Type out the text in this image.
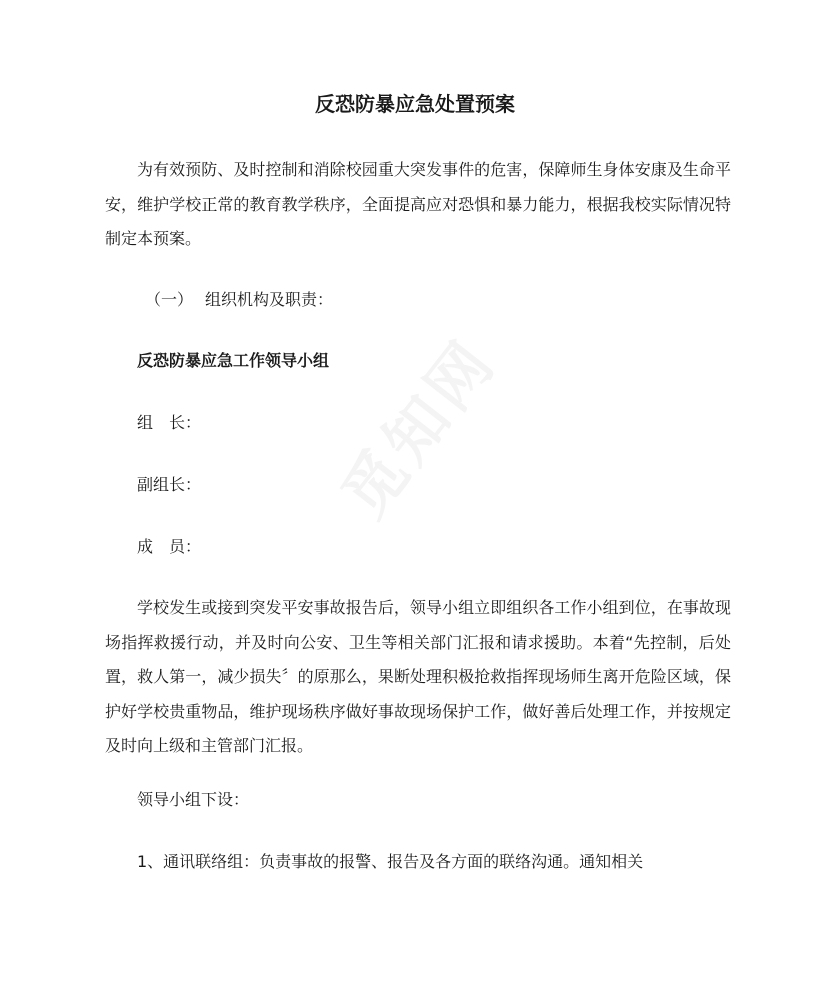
反恐防暴应急处置预案

为有效预防、及时控制和消除校园重大突发事件的危害，保障师生身体安康及生命平安，维护学校正常的教育教学秩序，全面提高应对恐惧和暴力能力，根据我校实际情况特制定本预案。

（一） 组织机构及职责：
反恐防暴应急工作领导小组
组　长：
副组长：
成　员：

学校发生或接到突发平安事故报告后，领导小组立即组织各工作小组到位，在事故现场指挥救援行动，并及时向公安、卫生等相关部门汇报和请求援助。本着“先控制，后处置，救人第一，减少损失〞的原那么，果断处理积极抢救指挥现场师生离开危险区域，保护好学校贵重物品，维护现场秩序做好事故现场保护工作，做好善后处理工作，并按规定及时向上级和主管部门汇报。

领导小组下设：
1、通讯联络组：负责事故的报警、报告及各方面的联络沟通。通知相关
